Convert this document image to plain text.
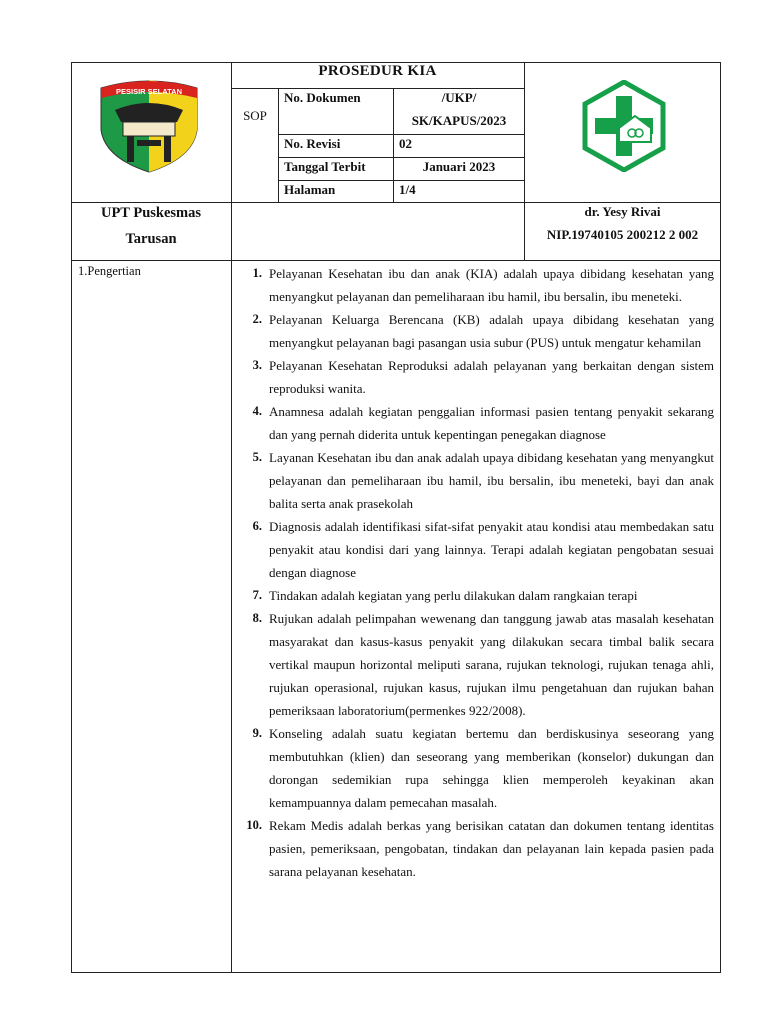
PESISIR SELATAN
PROSEDUR KIA
SOP
No. Dokumen	/UKP/
SK/KAPUS/2023
No. Revisi	02
Tanggal Terbit	Januari 2023
Halaman	1/4
UPT Puskesmas
Tarusan
dr. Yesy Rivai
NIP.19740105 200212 2 002
1.Pengertian	1. Pelayanan Kesehatan ibu dan anak (KIA) adalah upaya dibidang kesehatan yang menyangkut pelayanan dan pemeliharaan ibu hamil, ibu bersalin, ibu meneteki.
2. Pelayanan Keluarga Berencana (KB) adalah upaya dibidang kesehatan yang menyangkut pelayanan bagi pasangan usia subur (PUS) untuk mengatur kehamilan
3. Pelayanan Kesehatan Reproduksi adalah pelayanan yang berkaitan dengan sistem reproduksi wanita.
4. Anamnesa adalah kegiatan penggalian informasi pasien tentang penyakit sekarang dan yang pernah diderita untuk kepentingan penegakan diagnose
5. Layanan Kesehatan ibu dan anak adalah upaya dibidang kesehatan yang menyangkut pelayanan dan pemeliharaan ibu hamil, ibu bersalin, ibu meneteki, bayi dan anak balita serta anak prasekolah
6. Diagnosis adalah identifikasi sifat-sifat penyakit atau kondisi atau membedakan satu penyakit atau kondisi dari yang lainnya. Terapi adalah kegiatan pengobatan sesuai dengan diagnose
7. Tindakan adalah kegiatan yang perlu dilakukan dalam rangkaian terapi
8. Rujukan adalah pelimpahan wewenang dan tanggung jawab atas masalah kesehatan masyarakat dan kasus-kasus penyakit yang dilakukan secara timbal balik secara vertikal maupun horizontal meliputi sarana, rujukan teknologi, rujukan tenaga ahli, rujukan operasional, rujukan kasus, rujukan ilmu pengetahuan dan rujukan bahan pemeriksaan laboratorium(permenkes 922/2008).
9. Konseling adalah suatu kegiatan bertemu dan berdiskusinya seseorang yang membutuhkan (klien) dan seseorang yang memberikan (konselor) dukungan dan dorongan sedemikian rupa sehingga klien memperoleh keyakinan akan kemampuannya dalam pemecahan masalah.
10. Rekam Medis adalah berkas yang berisikan catatan dan dokumen tentang identitas pasien, pemeriksaan, pengobatan, tindakan dan pelayanan lain kepada pasien pada sarana pelayanan kesehatan.
